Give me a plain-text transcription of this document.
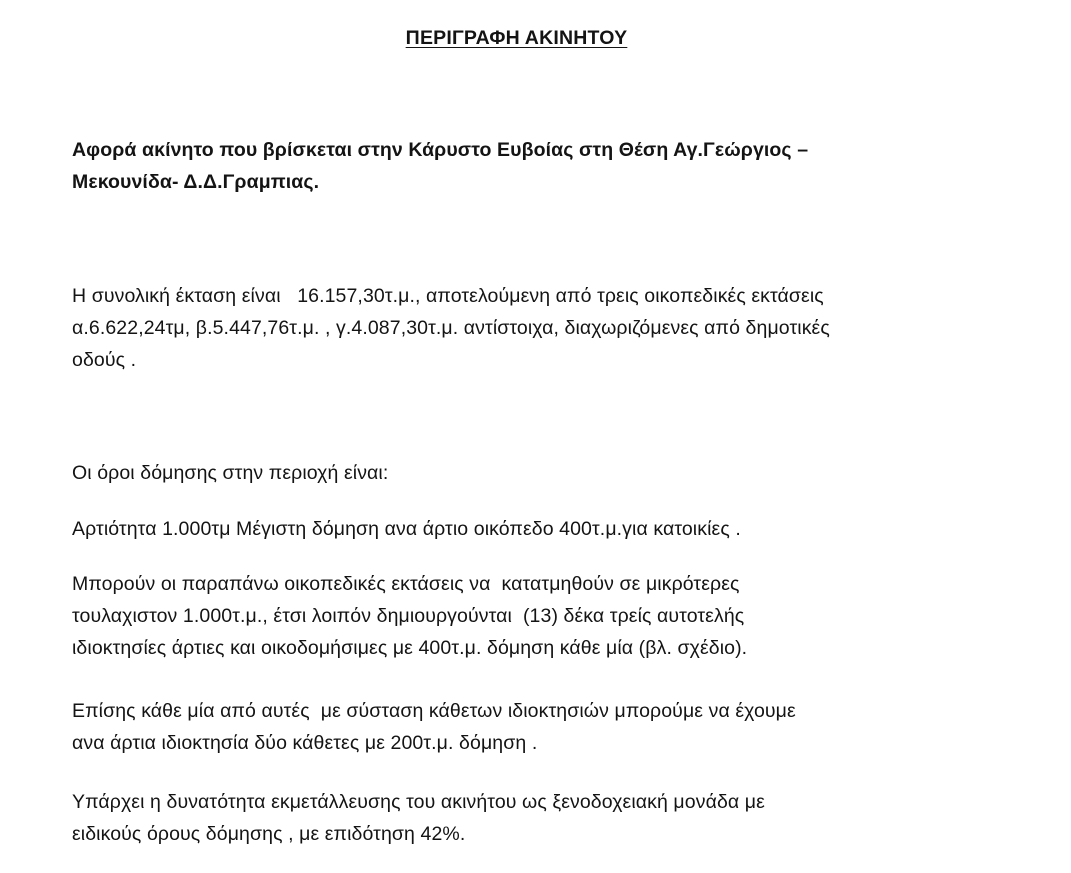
ΠΕΡΙΓΡΑΦΗ ΑΚΙΝΗΤΟΥ

Αφορά ακίνητο που βρίσκεται στην Κάρυστο Ευβοίας στη Θέση Αγ.Γεώργιος –
Μεκουνίδα- Δ.Δ.Γραμπιας.

Η συνολική έκταση είναι   16.157,30τ.μ., αποτελούμενη από τρεις οικοπεδικές εκτάσεις
α.6.622,24τμ, β.5.447,76τ.μ. , γ.4.087,30τ.μ. αντίστοιχα, διαχωριζόμενες από δημοτικές
οδούς .

Οι όροι δόμησης στην περιοχή είναι:

Αρτιότητα 1.000τμ Μέγιστη δόμηση ανα άρτιο οικόπεδο 400τ.μ.για κατοικίες .

Μπορούν οι παραπάνω οικοπεδικές εκτάσεις να  κατατμηθούν σε μικρότερες
τουλαχιστον 1.000τ.μ., έτσι λοιπόν δημιουργούνται  (13) δέκα τρείς αυτοτελής
ιδιοκτησίες άρτιες και οικοδομήσιμες με 400τ.μ. δόμηση κάθε μία (βλ. σχέδιο).

Επίσης κάθε μία από αυτές  με σύσταση κάθετων ιδιοκτησιών μπορούμε να έχουμε
ανα άρτια ιδιοκτησία δύο κάθετες με 200τ.μ. δόμηση .

Υπάρχει η δυνατότητα εκμετάλλευσης του ακινήτου ως ξενοδοχειακή μονάδα με
ειδικούς όρους δόμησης , με επιδότηση 42%.
